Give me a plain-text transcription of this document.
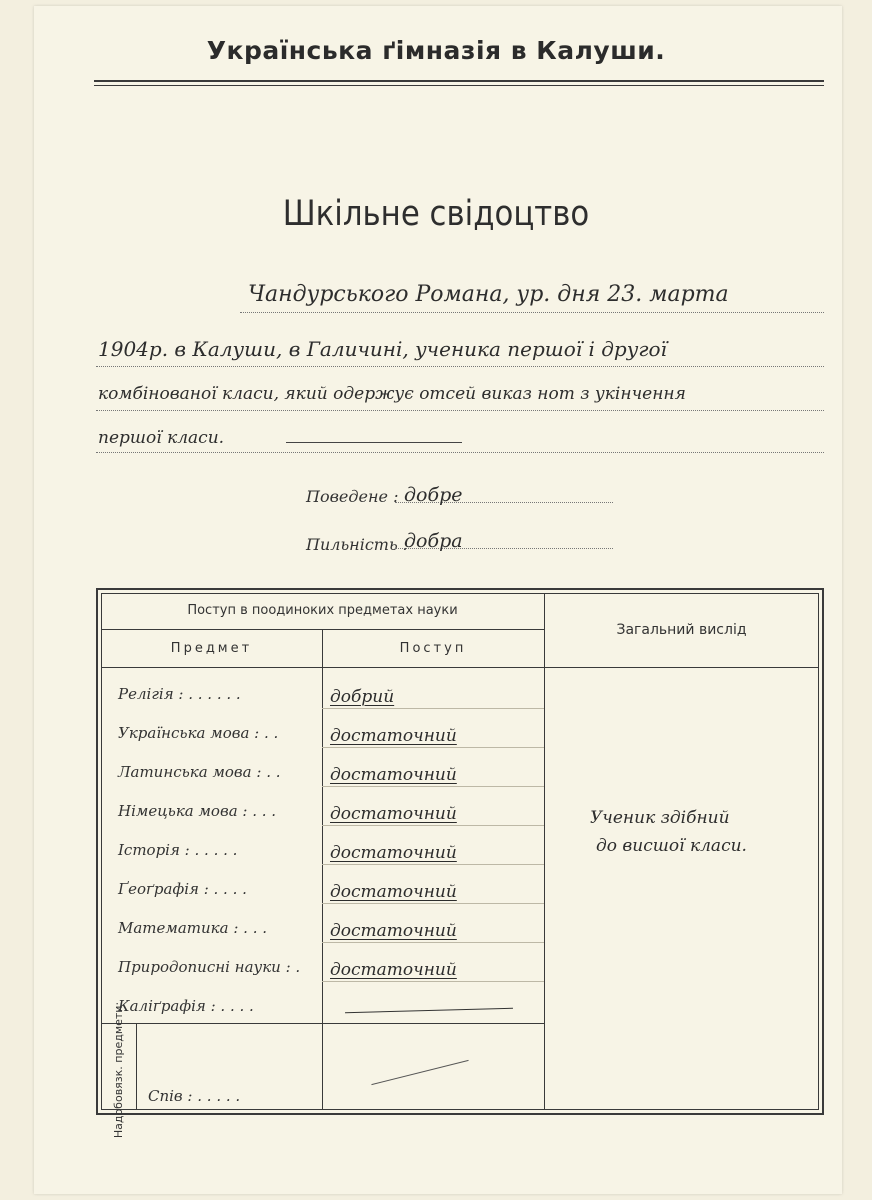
Українська ґімназія в Калуши.
Шкільне свідоцтво
Чандурського Романа, ур. дня 23. марта
1904р. в Калуши, в Галичині, ученика першої і другої
комбінованої класи, який одержує отсей виказ нот з укінчення
першої класи.
Поведене : добре
Пильність :
добра
Поступ в поодиноких предметах науки
Предмет	Поступ
Загальний вислід
Релігія : . . . . . .	добрий
Українська мова : . .	достаточний
Латинська мова : . .	достаточний
Німецька мова : . . .	достаточний
Історія : . . . . .	достаточний
Ґеоґрафія : . . . .	достаточний
Математика : . . .	достаточний
Природописні науки : . достаточний
Каліґрафія : . . . .
Надобовязк. предмети: Спів : . . . . .
Ученик здібний
до висшої класи.
